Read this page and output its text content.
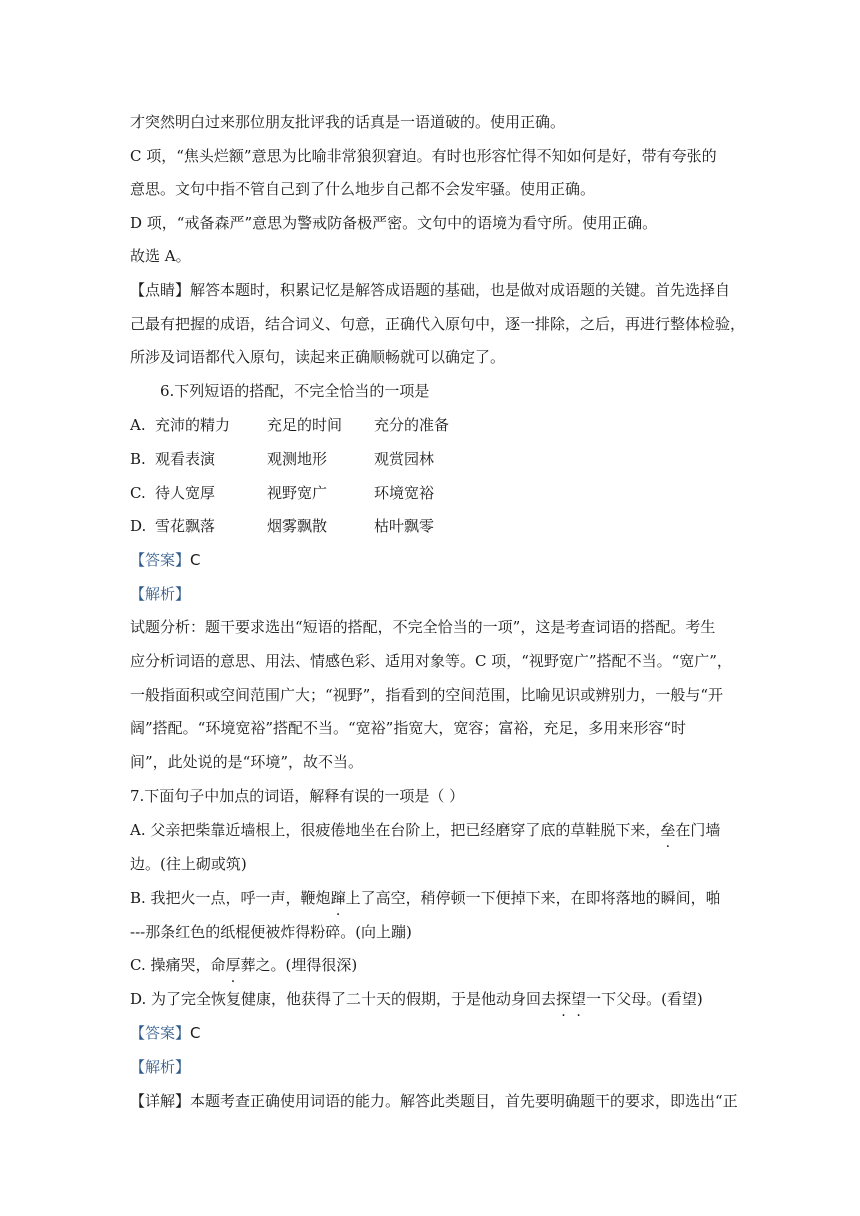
才突然明白过来那位朋友批评我的话真是一语道破的。使用正确。
C 项，“焦头烂额”意思为比喻非常狼狈窘迫。有时也形容忙得不知如何是好，带有夸张的
意思。文句中指不管自己到了什么地步自己都不会发牢骚。使用正确。
D 项，“戒备森严”意思为警戒防备极严密。文句中的语境为看守所。使用正确。
故选 A。
【点睛】解答本题时，积累记忆是解答成语题的基础，也是做对成语题的关键。首先选择自
己最有把握的成语，结合词义、句意，正确代入原句中，逐一排除，之后，再进行整体检验，
所涉及词语都代入原句，读起来正确顺畅就可以确定了。
6.下列短语的搭配，不完全恰当的一项是
A. 充沛的精力 充足的时间 充分的准备
B. 观看表演	观测地形	观赏园林
C. 待人宽厚	视野宽广	环境宽裕
D. 雪花飘落	烟雾飘散	枯叶飘零
【答案】C
【解析】
试题分析：题干要求选出“短语的搭配，不完全恰当的一项”，这是考查词语的搭配。考生
应分析词语的意思、用法、情感色彩、适用对象等。C 项，“视野宽广”搭配不当。“宽广”，
一般指面积或空间范围广大；“视野”，指看到的空间范围，比喻见识或辨别力，一般与“开
阔”搭配。“环境宽裕”搭配不当。“宽裕”指宽大，宽容；富裕，充足，多用来形容“时
间”，此处说的是“环境”，故不当。
7.下面句子中加点的词语，解释有误的一项是（ ）
A. 父亲把柴靠近墙根上，很疲倦地坐在台阶上，把已经磨穿了底的草鞋脱下来，垒在门墙
边。(往上砌或筑)
B. 我把火一点，呼一声，鞭炮蹿上了高空，稍停顿一下便掉下来，在即将落地的瞬间，啪
---那条红色的纸棍便被炸得粉碎。(向上蹦)
C. 操痛哭，命厚葬之。(埋得很深)
D. 为了完全恢复健康，他获得了二十天的假期，于是他动身回去探望一下父母。(看望)
【答案】C
【解析】
【详解】本题考查正确使用词语的能力。解答此类题目，首先要明确题干的要求，即选出“正
